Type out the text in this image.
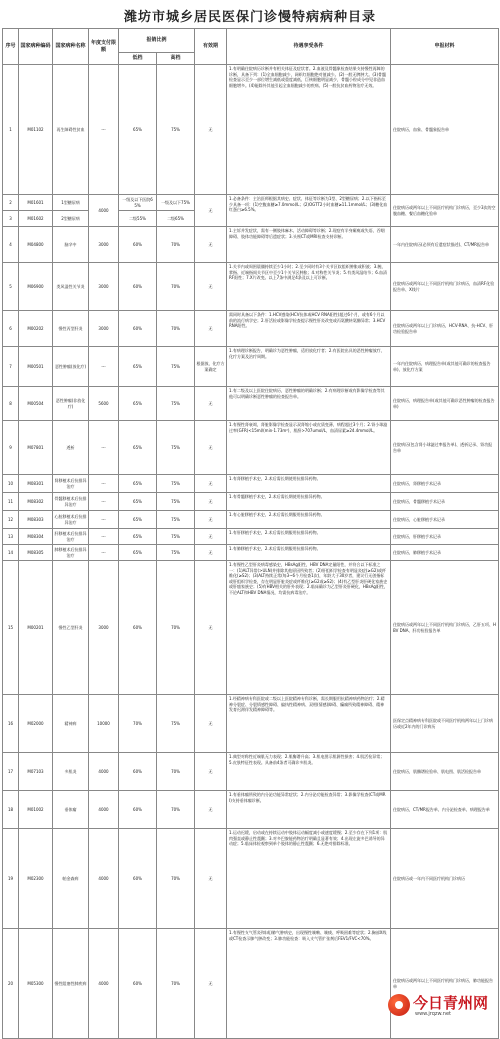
潍坊市城乡居民医保门诊慢特病病种目录
序号	国家病种编码	国家病种名称	年度支付限额	报销比例		有效期	待遇享受条件	申报材料
				低档	高档			
1	M01102	再生障碍性贫血	---	65%	75%	无	1.有明确住院病历诊断并有相关体征及症状者。2.血液及骨髓象检查结果支持慢性再障的诊断，具备下列：(1)全血细胞减少，网织红细胞绝对值减少。(2)一般无脾肿大。(3)骨髓检查显示至少一部位增生减低或重度减低，巨核细胞明显减少，骨髓小粒成分中见非造血细胞增多。(4)能除外其他引起全血细胞减少的疾病。(5)一般抗贫血药物治疗无效。	住院病历，血象、骨髓象报告单
2	M01601	1型糖尿病	4000	一级及以下医院65%	一级及以下75%	无	1.必备条件：主治医师根据其病史、症状、体征等诊断为1型、2型糖尿病；2.以下指标至少具备一项：(1)空腹血糖≥7.0mmol/L；(2)OGTT2小时血糖≥11.1mmol/L；(3)糖化血红蛋白≥6.5%。	住院病历或两年以上不同医疗机构门诊病历，至少3次的空腹血糖、餐后血糖化验单
3	M01602	2型糖尿病		二级55%	二级65%			
4	M04800	脑卒中	3000	60%	70%	无	1.主诉并发症状，需有一侧肢体麻木、活动障碍等诊断；2.现症有半身瘫痪或失语、吞咽障碍、肢体功能障碍等后遗症状；3.头颅CT或MRI检查支持诊断。	一年内住院病历(必须有后遗症状描述)、CT/MR报告单
5	M06900	类风湿性关节炎	3000	60%	70%	无	1.关节内或周围晨僵持续至少1小时；2.至少同时有3个关节区软组织肿胀或积液；3.腕、掌指、近端指间关节区中至少1个关节区肿胀；4.对称性关节炎；5.有类风湿结节；6.血清RF阳性；7.X片改变。以上7条中满足4条及以上可诊断。	住院病历或两年以上不同医疗机构门诊病历，血清RF化验报告单、X线片
6	M00202	慢性丙型肝炎	3000	60%	70%	无	需同时具备以下条件：1.HCV感染(HCV抗体或HCV RNA阳性)超过6个月，或有6个月以前的流行病学史；2.肝活检或影像学检查提示慢性肝炎改变或丙氨酸转氨酶异常；3.HCV RNA阳性。	住院病历或两年以上门诊病历，HCV-RNA、抗-HCV、肝功检验报告单
7	M00501	恶性肿瘤(放化疗)	---	65%	75%	根据放、化疗方案确定	1.有病理诊断报告，明确诊为恶性肿瘤，适用放化疗者；2.有医院出具的恶性肿瘤放疗、化疗方案及治疗周期。	一年内住院病历，病理报告单(或其他可确诊的检查报告单)、放化疗方案
8	M00504	恶性肿瘤(非放化疗)	5600	65%	75%	无	1.有二级及以上医院住院病历，恶性肿瘤的明确诊断；2.有病理诊断或有影像学检查等其他可以明确诊断恶性肿瘤的检查报告单。	住院病历，病理报告单(或其他可确诊恶性肿瘤的检查报告单)
9	M07801	透析	---	65%	75%	无	1.有慢性肾衰竭，肾脏影像学检查显示双肾缩小或皮质变薄，病程超过3个月；2.肾小球滤过率(GFR)<15ml/(min·1.73m²)，肌酐>707umol/L，血清尿素≥24.4mmol/L。	住院病历(包含肾小球滤过率报告单)、透析记录、肾功报告单
10	M08301	肾移植术后抗排异治疗	---	65%	75%	无	1.有肾移植手术史，2.术后需长期使用抗排异药物。	住院病历，肾移植手术记录
11	M08302	骨髓移植术后抗排异治疗	---	65%	75%	无	1.有骨髓移植手术史，2.术后需长期使用抗排异药物。	住院病历，骨髓移植手术记录
12	M08303	心脏移植术后抗排异治疗	---	65%	75%	无	1.有心脏移植手术史，2.术后需长期服用抗排异药物。	住院病历，心脏移植手术记录
13	M08304	肝移植术后抗排异治疗	---	65%	75%	无	1.有肝移植手术史，2.术后需长期服用抗排异药物。	住院病历，肝移植手术记录
14	M08305	肺移植术后抗排异治疗	---	65%	75%	无	1.有肺移植手术史，2.术后需长期服用抗排异药物。	住院病历，肺移植手术记录
15	M00201	慢性乙型肝炎	3000	60%	70%	无	1.有慢性乙型肝炎病毒感染史，HBsAg阳性，HBV DNA定量阳性，并符合以下标准之一：(1)ALT异常(>ULN)并排除其他原因所致者；(2)肝组织学检查有明显炎症(≥G2)或纤维化(≥S2)；(3)ALT持续正常(每3~6个月检查1次)，年龄大于30岁者，建议行无创指标或肝组织学检查，存在明显肝脏炎症或纤维化(≥G2或≥S2)；(4)有乙型肝炎肝硬化家族史或肝癌家族史；(5)有HBV相关的肝外表现；2.临床确诊为乙型肝炎肝硬化，HBsAg阳性，不论ALT和HBV DNA情况，均需抗病毒治疗。	住院病历或两年以上不同医疗机构门诊病历，乙肝五项、HBV DNA、肝功检验报告单
16	M02000	精神病	10000	70%	75%	无	1.经精神病专科医院或二级以上医院精神专科诊断，需长期服用抗精神病药物治疗；2.精神分裂症、分裂情感性障碍、偏执性精神病、双相(情感)障碍、癫痫所致精神障碍、精神发育迟滞伴发精神障碍等。	医保定点精神病专科医院或不同医疗机构两年以上门诊病历或近2年内的门诊病历
17	M07103	多肌炎	4000	60%	70%	无	1.典型对称性近端肌无力表现；2.肌酶谱升高；3.肌电图示肌源性损害；4.肌活检异常；5.皮肤特征性表现。具备前4条者可确诊多肌炎。	住院病历，肌酶谱检验单、肌电图、肌活检报告单
18	M01002	垂体瘤	4000	60%	70%	无	1.有垂体瘤所致的内分泌功能异常症状；2.内分泌功能检查异常；3.影像学检查(CT或MRI)支持垂体瘤诊断。	住院病历，CT/MR报告单、内分泌检查单、病理报告单
19	M02300	帕金森病	4000	60%	70%	无	1.运动迟缓，启动或在持续运动中肢体运动幅度减小或速度缓慢；2.至少存在下列1项：肌肉强直或静止性震颤；3.对多巴胺能药物治疗明确且显著有效；4.出现左旋多巴诱导的异动症；5.临床体检观察到单个肢体的静止性震颤；6.无绝对排除标准。	住院病历或一年内不同医疗机构门诊病历
20	M05300	慢性阻塞性肺疾病	4000	60%	70%	无	1.有慢性支气管炎和(或)肺气肿病史，出现慢性咳嗽、咳痰、呼吸困难等症状；2.胸部X线或CT检查示肺气肿改变；3.肺功能检查：吸入支气管扩张剂后FEV1/FVC<70%。	住院病历或两年以上不同医疗机构门诊病历，肺功能报告单
今日青州网
www.jrqzw.net
